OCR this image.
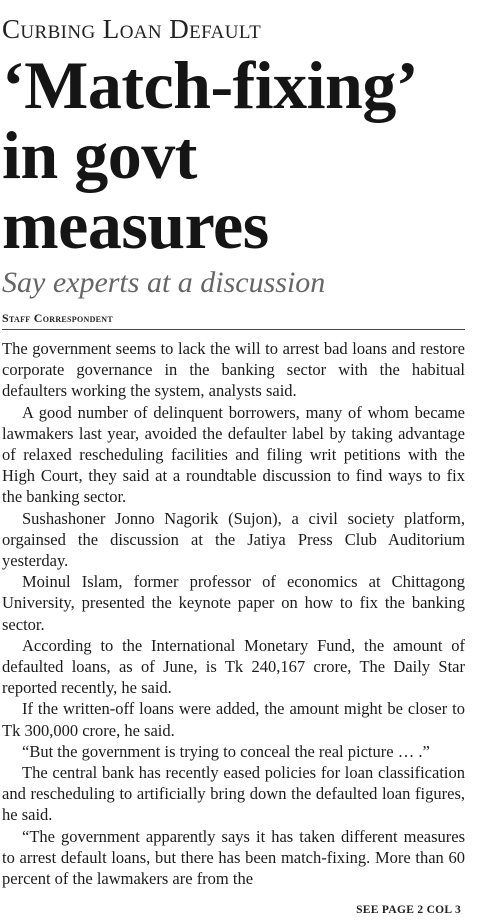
Curbing Loan Default
‘Match-fixing’ in govt measures
Say experts at a discussion
Staff Correspondent

The government seems to lack the will to arrest bad loans and restore corporate governance in the banking sector with the habitual defaulters working the system, analysts said.

A good number of delinquent borrowers, many of whom became lawmakers last year, avoided the defaulter label by taking advantage of relaxed rescheduling facilities and filing writ petitions with the High Court, they said at a roundtable discussion to find ways to fix the banking sector.

Sushashoner Jonno Nagorik (Sujon), a civil society platform, orgainsed the discussion at the Jatiya Press Club Auditorium yesterday.

Moinul Islam, former professor of economics at Chittagong University, presented the keynote paper on how to fix the banking sector.

According to the International Monetary Fund, the amount of defaulted loans, as of June, is Tk 240,167 crore, The Daily Star reported recently, he said.

If the written-off loans were added, the amount might be closer to Tk 300,000 crore, he said.

“But the government is trying to conceal the real picture … .”

The central bank has recently eased policies for loan classification and rescheduling to artificially bring down the defaulted loan figures, he said.

“The government apparently says it has taken different measures to arrest default loans, but there has been match-fixing. More than 60 percent of the lawmakers are from the

SEE PAGE 2 COL 3
